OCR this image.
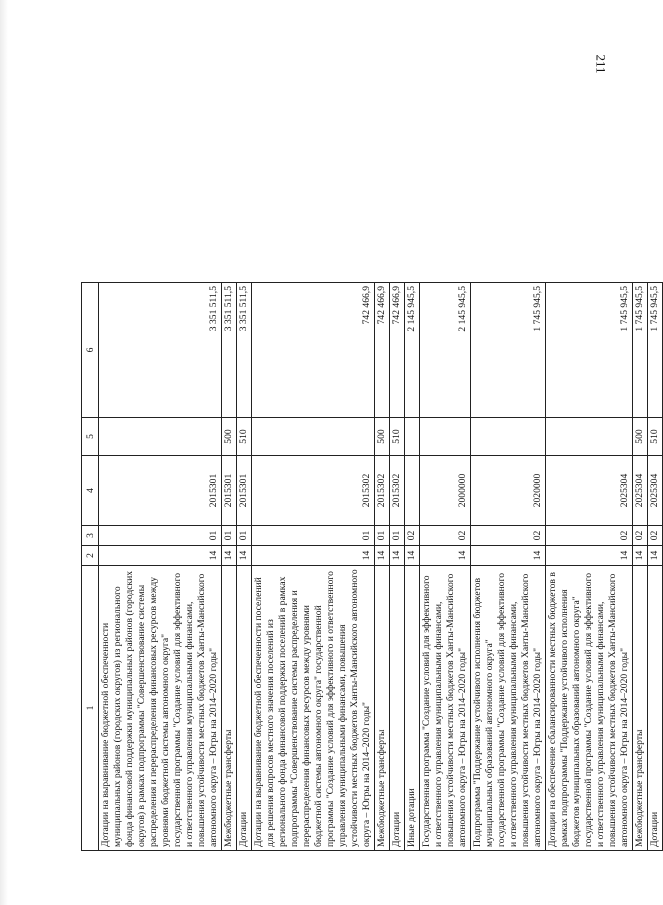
211
1	2	3	4	5	6
Дотации на выравнивание бюджетной обеспеченности муниципальных районов (городских округов) из регионального фонда финансовой поддержки муниципальных районов (городских округов) в рамках подпрограммы "Совершенствование системы распределения и перераспределения финансовых ресурсов между уровнями бюджетной системы автономного округа" государственной программы "Создание условий для эффективного и ответственного управления муниципальными финансами, повышения устойчивости местных бюджетов Ханты-Мансийского автономного округа – Югры на 2014–2020 годы"	14	01	2015301		3 351 511,5
Межбюджетные трансферты	14	01	2015301	500	3 351 511,5
Дотации	14	01	2015301	510	3 351 511,5
Дотации на выравнивание бюджетной обеспеченности поселений для решения вопросов местного значения поселений из регионального фонда финансовой поддержки поселений в рамках подпрограммы "Совершенствование системы распределения и перераспределения финансовых ресурсов между уровнями бюджетной системы автономного округа" государственной программы "Создание условий для эффективного и ответственного управления муниципальными финансами, повышения устойчивости местных бюджетов Ханты-Мансийского автономного округа – Югры на 2014–2020 годы"	14	01	2015302		742 466,9
Межбюджетные трансферты	14	01	2015302	500	742 466,9
Дотации	14	01	2015302	510	742 466,9
Иные дотации	14	02			2 145 945,5
Государственная программа "Создание условий для эффективного и ответственного управления муниципальными финансами, повышения устойчивости местных бюджетов Ханты-Мансийского автономного округа – Югры на 2014–2020 годы"	14	02	2000000		2 145 945,5
Подпрограмма "Поддержание устойчивого исполнения бюджетов муниципальных образований автономного округа" государственной программы "Создание условий для эффективного и ответственного управления муниципальными финансами, повышения устойчивости местных бюджетов Ханты-Мансийского автономного округа – Югры на 2014–2020 годы"	14	02	2020000		1 745 945,5
Дотации на обеспечение сбалансированности местных бюджетов в рамках подпрограммы "Поддержание устойчивого исполнения бюджетов муниципальных образований автономного округа" государственной программы "Создание условий для эффективного и ответственного управления муниципальными финансами, повышения устойчивости местных бюджетов Ханты-Мансийского автономного округа – Югры на 2014–2020 годы"	14	02	2025304		1 745 945,5
Межбюджетные трансферты	14	02	2025304	500	1 745 945,5
Дотации	14	02	2025304	510	1 745 945,5
